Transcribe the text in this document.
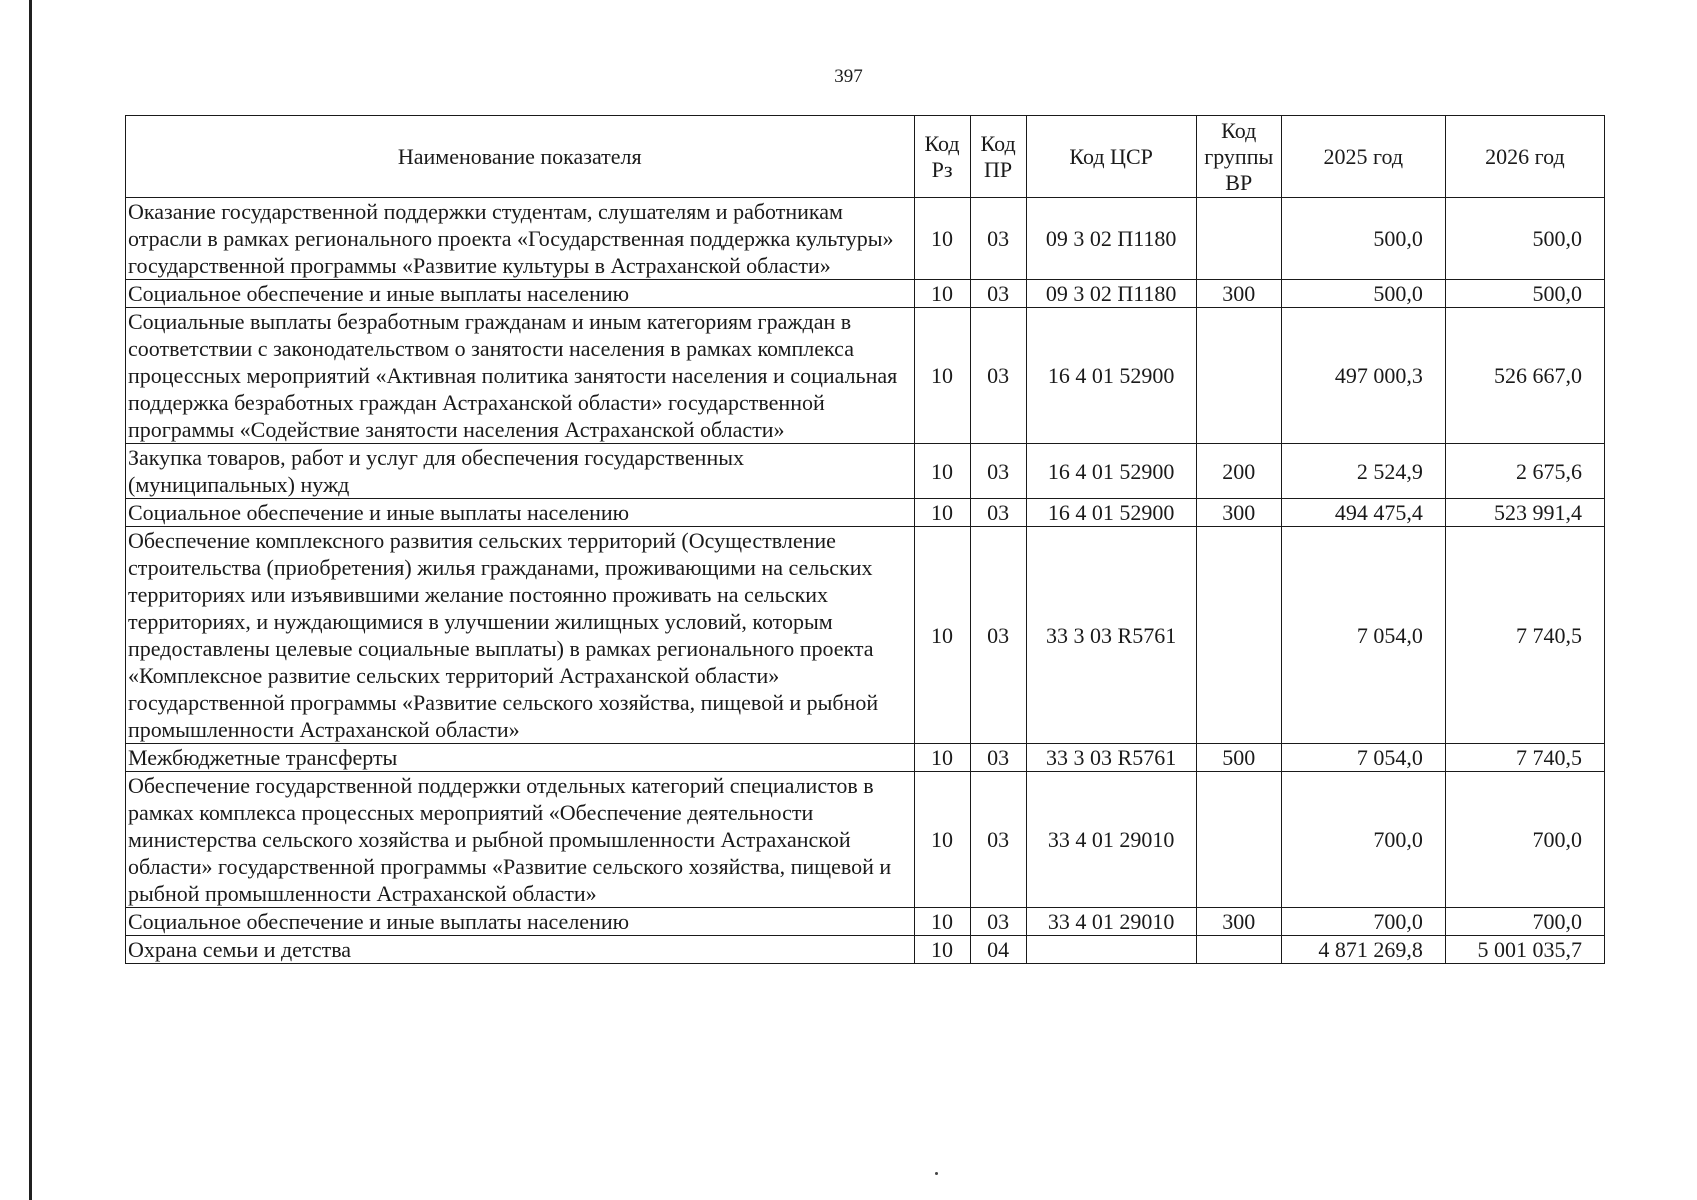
397
Наименование показателя	Код Рз	Код ПР	Код ЦСР	Код группы ВР	2025 год	2026 год
Оказание государственной поддержки студентам, слушателям и работникам отрасли в рамках регионального проекта «Государственная поддержка культуры» государственной программы «Развитие культуры в Астраханской области»	10	03	09 3 02 П1180		500,0	500,0
Социальное обеспечение и иные выплаты населению	10	03	09 3 02 П1180	300	500,0	500,0
Социальные выплаты безработным гражданам и иным категориям граждан в соответствии с законодательством о занятости населения в рамках комплекса процессных мероприятий «Активная политика занятости населения и социальная поддержка безработных граждан Астраханской области» государственной программы «Содействие занятости населения Астраханской области»	10	03	16 4 01 52900		497 000,3	526 667,0
Закупка товаров, работ и услуг для обеспечения государственных (муниципальных) нужд	10	03	16 4 01 52900	200	2 524,9	2 675,6
Социальное обеспечение и иные выплаты населению	10	03	16 4 01 52900	300	494 475,4	523 991,4
Обеспечение комплексного развития сельских территорий (Осуществление строительства (приобретения) жилья гражданами, проживающими на сельских территориях или изъявившими желание постоянно проживать на сельских территориях, и нуждающимися в улучшении жилищных условий, которым предоставлены целевые социальные выплаты) в рамках регионального проекта «Комплексное развитие сельских территорий Астраханской области» государственной программы «Развитие сельского хозяйства, пищевой и рыбной промышленности Астраханской области»	10	03	33 3 03 R5761		7 054,0	7 740,5
Межбюджетные трансферты	10	03	33 3 03 R5761	500	7 054,0	7 740,5
Обеспечение государственной поддержки отдельных категорий специалистов в рамках комплекса процессных мероприятий «Обеспечение деятельности министерства сельского хозяйства и рыбной промышленности Астраханской области» государственной программы «Развитие сельского хозяйства, пищевой и рыбной промышленности Астраханской области»	10	03	33 4 01 29010		700,0	700,0
Социальное обеспечение и иные выплаты населению	10	03	33 4 01 29010	300	700,0	700,0
Охрана семьи и детства	10	04			4 871 269,8	5 001 035,7
